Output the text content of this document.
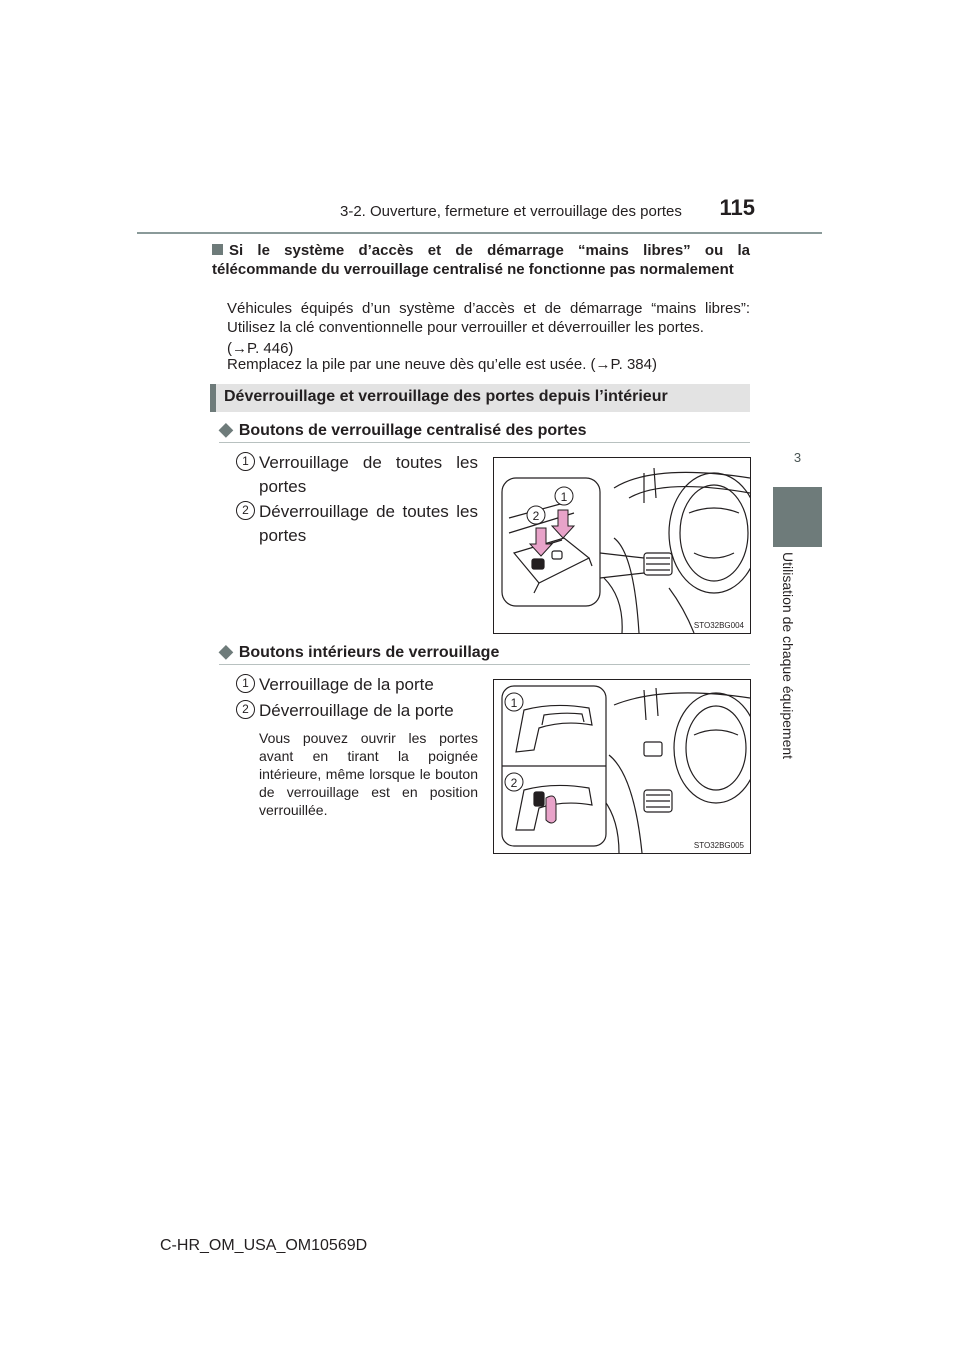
3-2. Ouverture, fermeture et verrouillage des portes	115
3
Utilisation de chaque équipement
Si le système d’accès et de démarrage “mains libres” ou la télécommande du verrouillage centralisé ne fonctionne pas normalement
Véhicules équipés d’un système d’accès et de démarrage “mains libres”: Utilisez la clé conventionnelle pour verrouiller et déverrouiller les portes.
(→P. 446)
Remplacez la pile par une neuve dès qu’elle est usée. (→P. 384)
Déverrouillage et verrouillage des portes depuis l’intérieur
◆ Boutons de verrouillage centralisé des portes
1 Verrouillage de toutes les portes
2 Déverrouillage de toutes les portes
1
2
STO32BG004
◆ Boutons intérieurs de verrouillage
1 Verrouillage de la porte
2 Déverrouillage de la porte
Vous pouvez ouvrir les portes avant en tirant la poignée intérieure, même lorsque le bouton de verrouillage est en position verrouillée.
1
2
STO32BG005
C-HR_OM_USA_OM10569D
